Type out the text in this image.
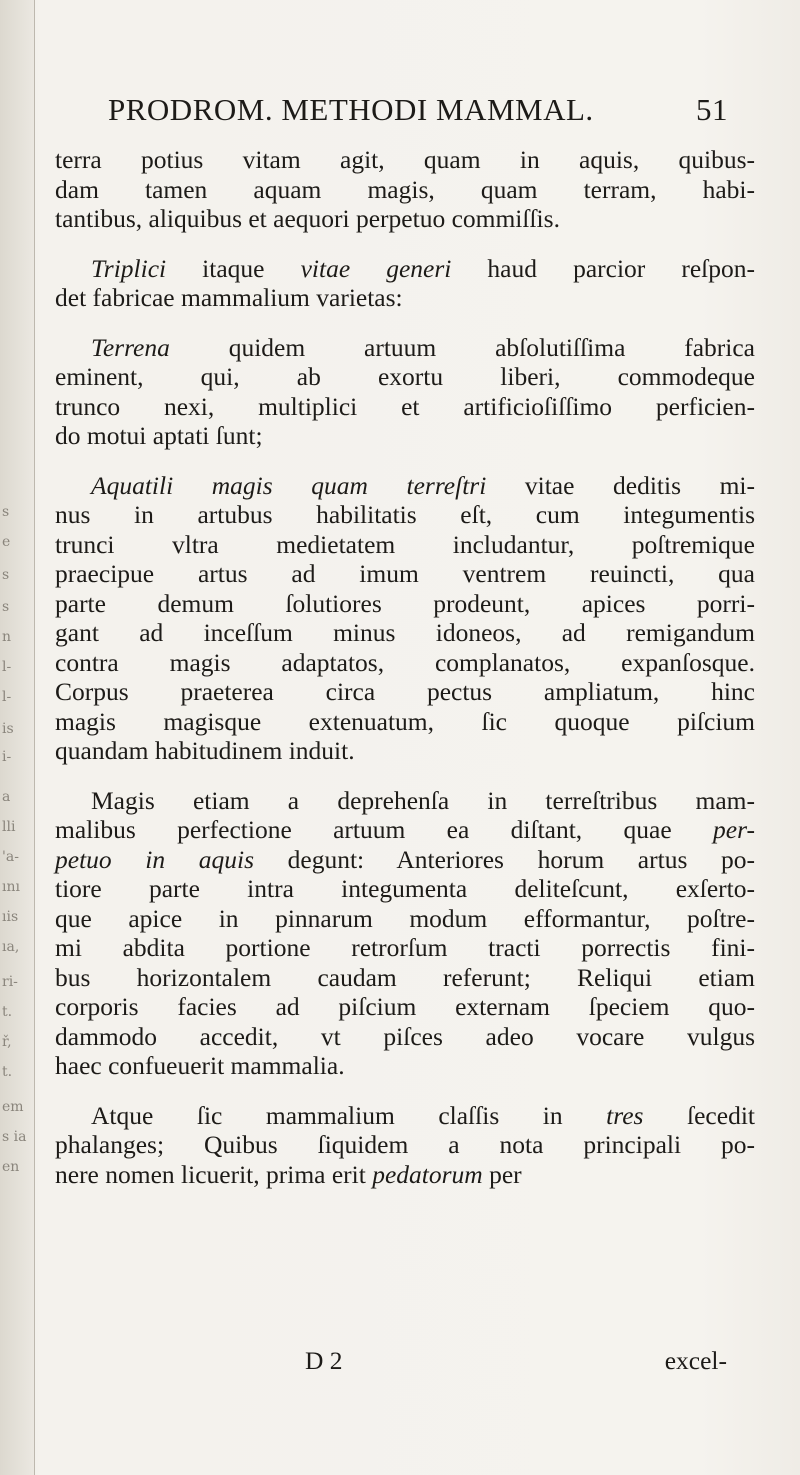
s
e
s
s
n
l-
l-
is
i-
a
lli
'a-
ını
ıis
ıa,
ri-
t.
ř,
t.
em
s ia
en
PRODROM. METHODI MAMMAL.	51
terra potius vitam agit, quam in aquis, quibus-
dam tamen aquam magis, quam terram, habi-
tantibus, aliquibus et aequori perpetuo commiſſis.
Triplici itaque vitae generi haud parcior reſpon-
det fabricae mammalium varietas:
Terrena quidem artuum abſolutiſſima fabrica
eminent, qui, ab exortu liberi, commodeque
trunco nexi, multiplici et artificioſiſſimo perficien-
do motui aptati ſunt;
Aquatili magis quam terreſtri vitae deditis mi-
nus in artubus habilitatis eſt, cum integumentis
trunci vltra medietatem includantur, poſtremique
praecipue artus ad imum ventrem reuincti, qua
parte demum ſolutiores prodeunt, apices porri-
gant ad inceſſum minus idoneos, ad remigandum
contra magis adaptatos, complanatos, expanſosque.
Corpus praeterea circa pectus ampliatum, hinc
magis magisque extenuatum, ſic quoque piſcium
quandam habitudinem induit.
Magis etiam a deprehenſa in terreſtribus mam-
malibus perfectione artuum ea diſtant, quae per-
petuo in aquis degunt: Anteriores horum artus po-
tiore parte intra integumenta deliteſcunt, exſerto-
que apice in pinnarum modum efformantur, poſtre-
mi abdita portione retrorſum tracti porrectis fini-
bus horizontalem caudam referunt; Reliqui etiam
corporis facies ad piſcium externam ſpeciem quo-
dammodo accedit, vt piſces adeo vocare vulgus
haec confueuerit mammalia.
Atque ſic mammalium claſſis in tres ſecedit
phalanges; Quibus ſiquidem a nota principali po-
nere nomen licuerit, prima erit pedatorum per
D 2	excel-
